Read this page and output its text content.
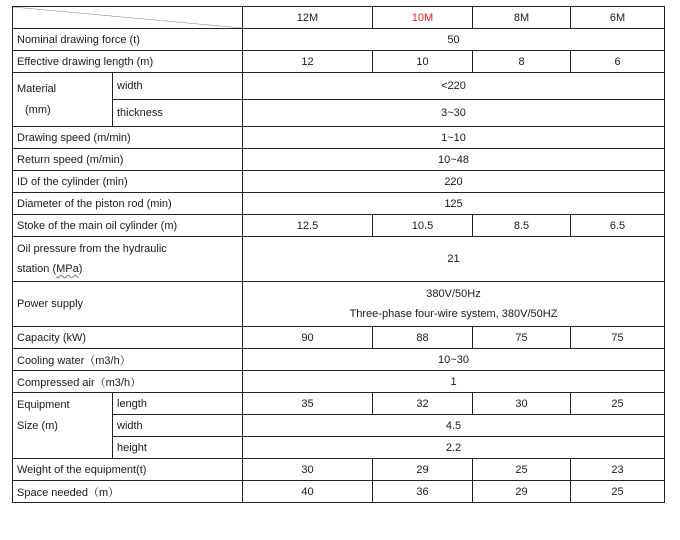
	12M	10M	8M	6M
Nominal drawing force (t)		50			
Effective drawing length (m)		12	10	8	6

Material
(mm)	width	<220			
	thickness	3~30			
Drawing speed (m/min)		1~10			
Return speed (m/min)		10~48			
ID of the cylinder (min)		220			
Diameter of the piston rod (min)		125			
Stoke of the main oil cylinder (m)		12.5	10.5	8.5	6.5

Oil pressure from the hydraulic
station (MPa)		21			
Power supply		380V/50Hz
Three-phase four-wire system, 380V/50HZ			

Capacity (kW)		90	88	75	75
Cooling water（m3/h）		10~30			
Compressed air（m3/h）		1			

Equipment
Size (m)	length	35	32	30	25
	width	4.5			
	height	2.2			
Weight of the equipment(t)		30	29	25	23
Space needed（m）		40	36	29	25
